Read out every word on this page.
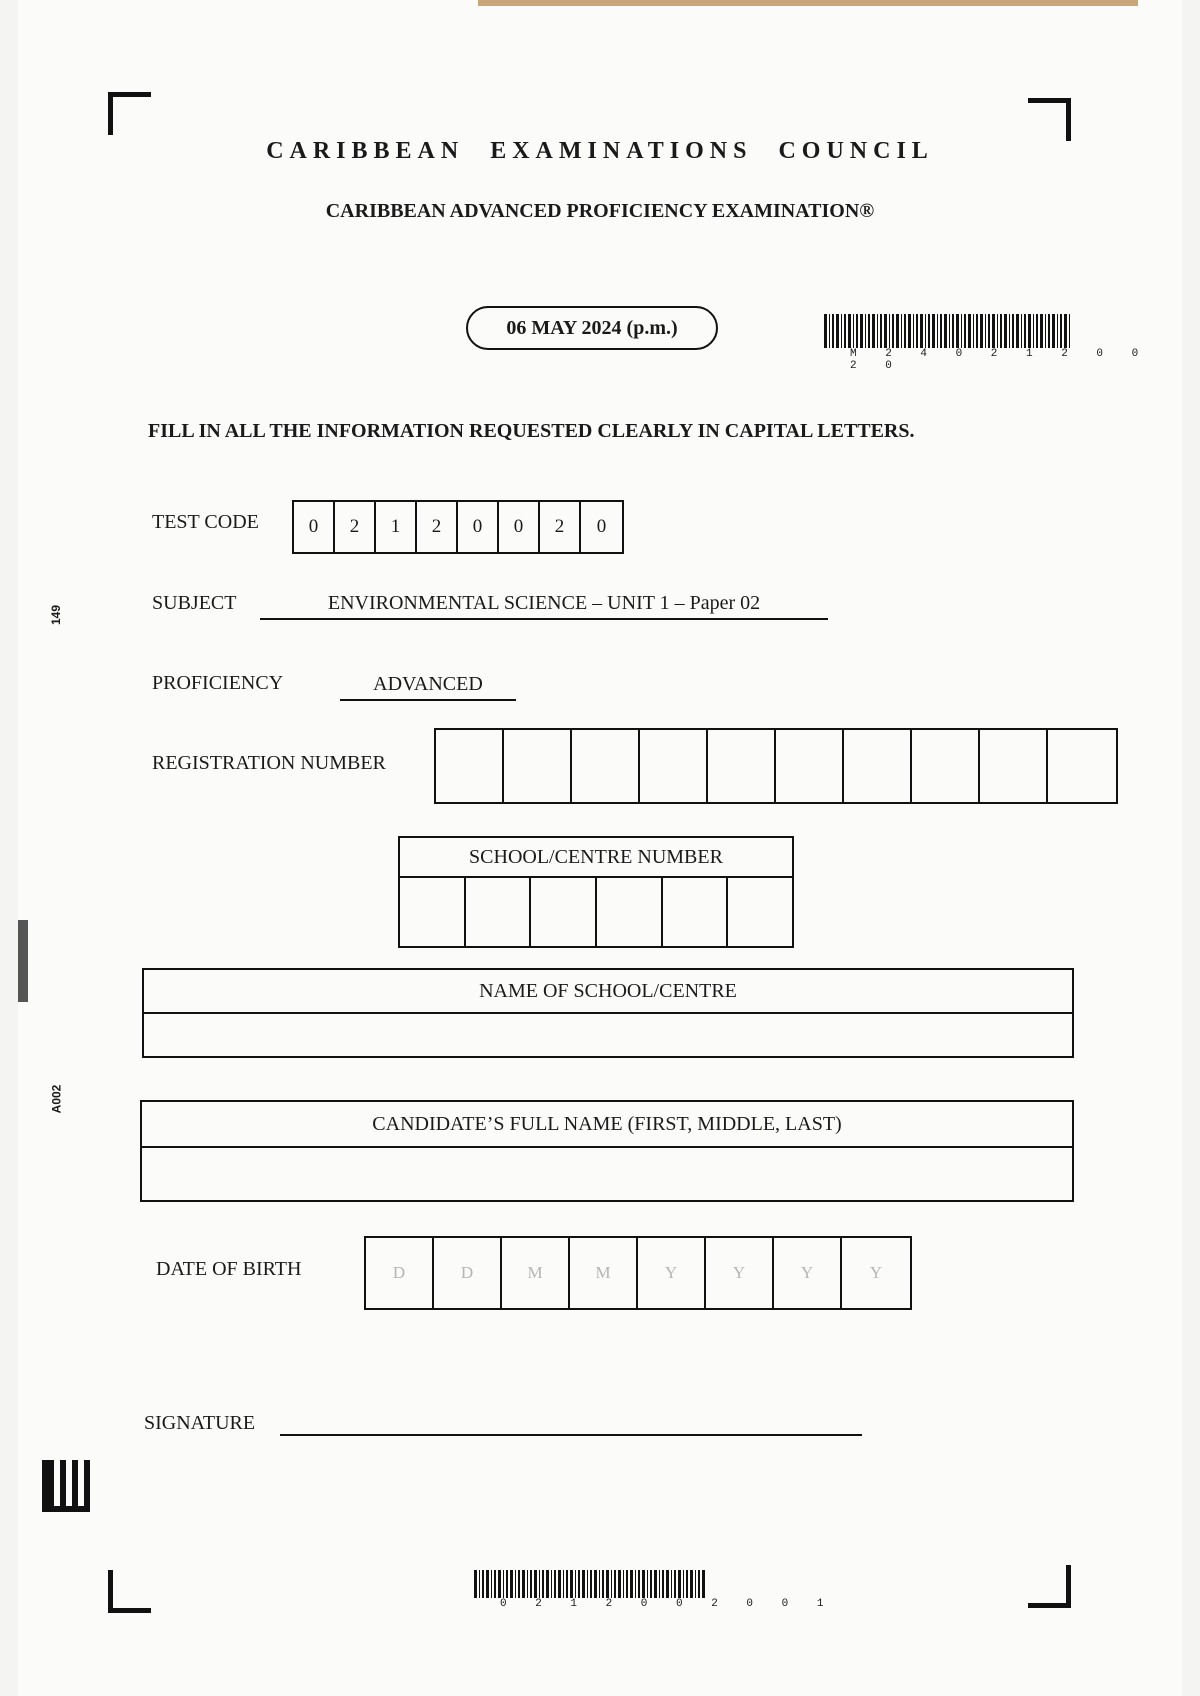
CARIBBEAN EXAMINATIONS COUNCIL
CARIBBEAN ADVANCED PROFICIENCY EXAMINATION®
06 MAY 2024 (p.m.)
M 2 4 0 2 1 2 0 0 2 0
FILL IN ALL THE INFORMATION REQUESTED CLEARLY IN CAPITAL LETTERS.
TEST CODE	0	2	1	2	0	0	2	0
SUBJECT	ENVIRONMENTAL SCIENCE – UNIT 1 – Paper 02
PROFICIENCY	ADVANCED
REGISTRATION NUMBER
SCHOOL/CENTRE NUMBER
NAME OF SCHOOL/CENTRE
CANDIDATE’S FULL NAME (FIRST, MIDDLE, LAST)
DATE OF BIRTH	D	D	M	M	Y	Y	Y	Y
SIGNATURE
0 2 1 2 0 0 2 0 0 1
149
A002
